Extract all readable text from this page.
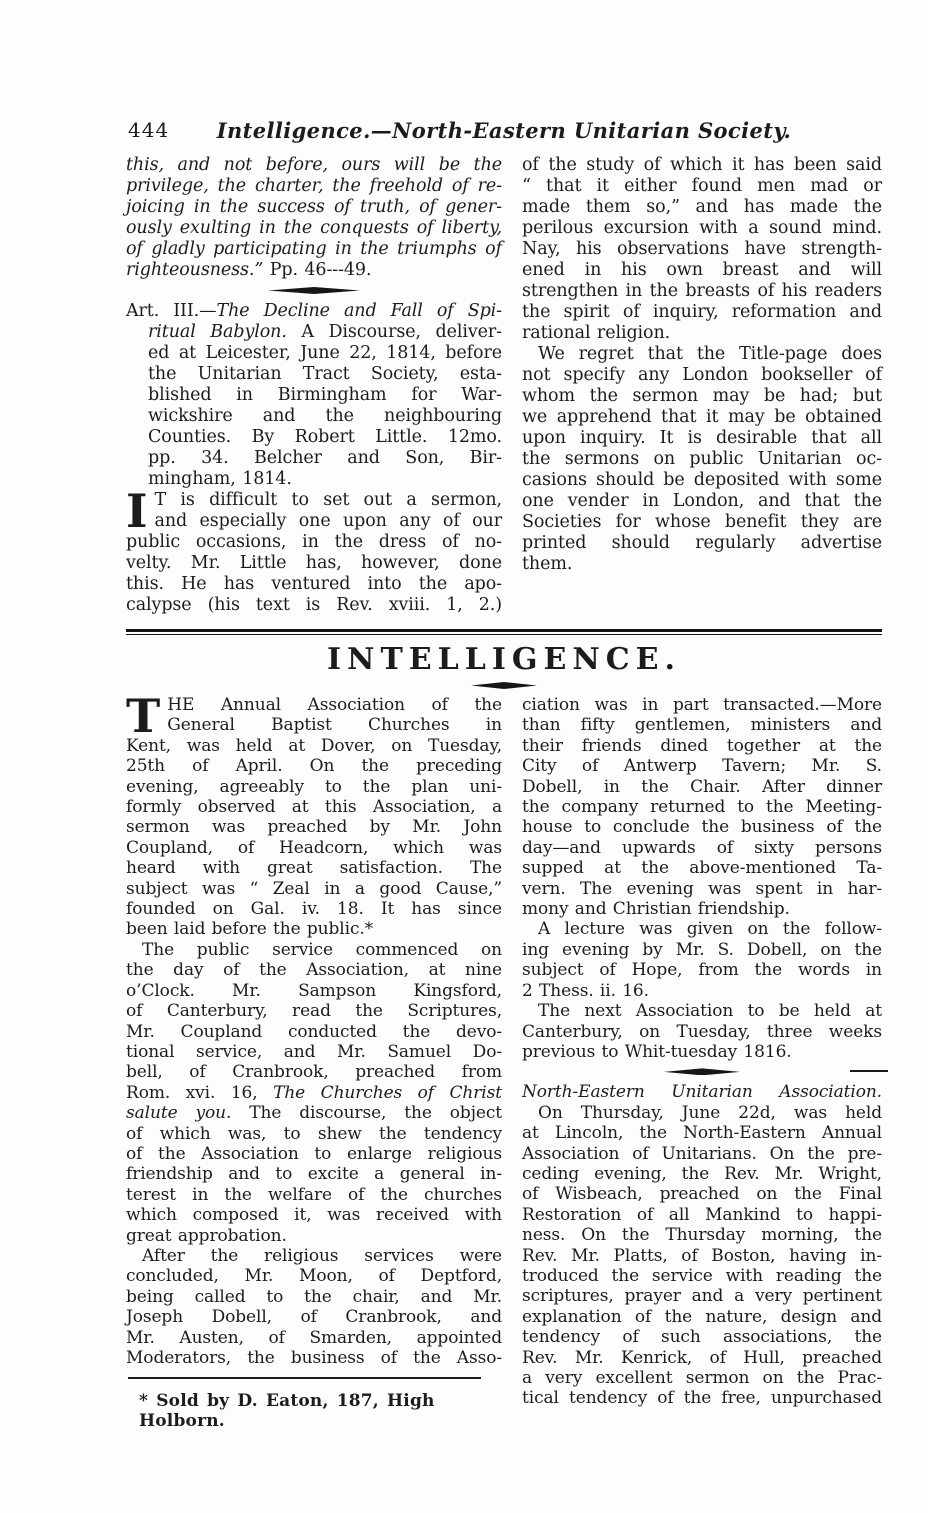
444	Intelligence.—North-Eastern Unitarian Society.
this, and not before, ours will be the
privilege, the charter, the freehold of re-
joicing in the success of truth, of gener-
ously exulting in the conquests of liberty,
of gladly participating in the triumphs of
righteousness.” Pp. 46---49.
Art. III.—The Decline and Fall of Spi-
ritual Babylon. A Discourse, deliver-
ed at Leicester, June 22, 1814, before
the Unitarian Tract Society, esta-
blished in Birmingham for War-
wickshire and the neighbouring
Counties. By Robert Little. 12mo.
pp. 34. Belcher and Son, Bir-
mingham, 1814.
I T is difficult to set out a sermon,
and especially one upon any of our
public occasions, in the dress of no-
velty. Mr. Little has, however, done
this. He has ventured into the apo-
calypse (his text is Rev. xviii. 1, 2.)
of the study of which it has been said
“ that it either found men mad or
made them so,” and has made the
perilous excursion with a sound mind.
Nay, his observations have strength-
ened in his own breast and will
strengthen in the breasts of his readers
the spirit of inquiry, reformation and
rational religion.
We regret that the Title-page does
not specify any London bookseller of
whom the sermon may be had; but
we apprehend that it may be obtained
upon inquiry. It is desirable that all
the sermons on public Unitarian oc-
casions should be deposited with some
one vender in London, and that the
Societies for whose benefit they are
printed should regularly advertise
them.
INTELLIGENCE.
T HE Annual Association of the
General Baptist Churches in
Kent, was held at Dover, on Tuesday,
25th of April. On the preceding
evening, agreeably to the plan uni-
formly observed at this Association, a
sermon was preached by Mr. John
Coupland, of Headcorn, which was
heard with great satisfaction. The
subject was “ Zeal in a good Cause,”
founded on Gal. iv. 18. It has since
been laid before the public.*
The public service commenced on
the day of the Association, at nine
o’Clock. Mr. Sampson Kingsford,
of Canterbury, read the Scriptures,
Mr. Coupland conducted the devo-
tional service, and Mr. Samuel Do-
bell, of Cranbrook, preached from
Rom. xvi. 16, The Churches of Christ
salute you. The discourse, the object
of which was, to shew the tendency
of the Association to enlarge religious
friendship and to excite a general in-
terest in the welfare of the churches
which composed it, was received with
great approbation.
After the religious services were
concluded, Mr. Moon, of Deptford,
being called to the chair, and Mr.
Joseph Dobell, of Cranbrook, and
Mr. Austen, of Smarden, appointed
Moderators, the business of the Asso-
* Sold by D. Eaton, 187, High Holborn.
ciation was in part transacted.—More
than fifty gentlemen, ministers and
their friends dined together at the
City of Antwerp Tavern; Mr. S.
Dobell, in the Chair. After dinner
the company returned to the Meeting-
house to conclude the business of the
day—and upwards of sixty persons
supped at the above-mentioned Ta-
vern. The evening was spent in har-
mony and Christian friendship.
A lecture was given on the follow-
ing evening by Mr. S. Dobell, on the
subject of Hope, from the words in
2 Thess. ii. 16.
The next Association to be held at
Canterbury, on Tuesday, three weeks
previous to Whit-tuesday 1816.
North-Eastern Unitarian Association.
On Thursday, June 22d, was held
at Lincoln, the North-Eastern Annual
Association of Unitarians. On the pre-
ceding evening, the Rev. Mr. Wright,
of Wisbeach, preached on the Final
Restoration of all Mankind to happi-
ness. On the Thursday morning, the
Rev. Mr. Platts, of Boston, having in-
troduced the service with reading the
scriptures, prayer and a very pertinent
explanation of the nature, design and
tendency of such associations, the
Rev. Mr. Kenrick, of Hull, preached
a very excellent sermon on the Prac-
tical tendency of the free, unpurchased
